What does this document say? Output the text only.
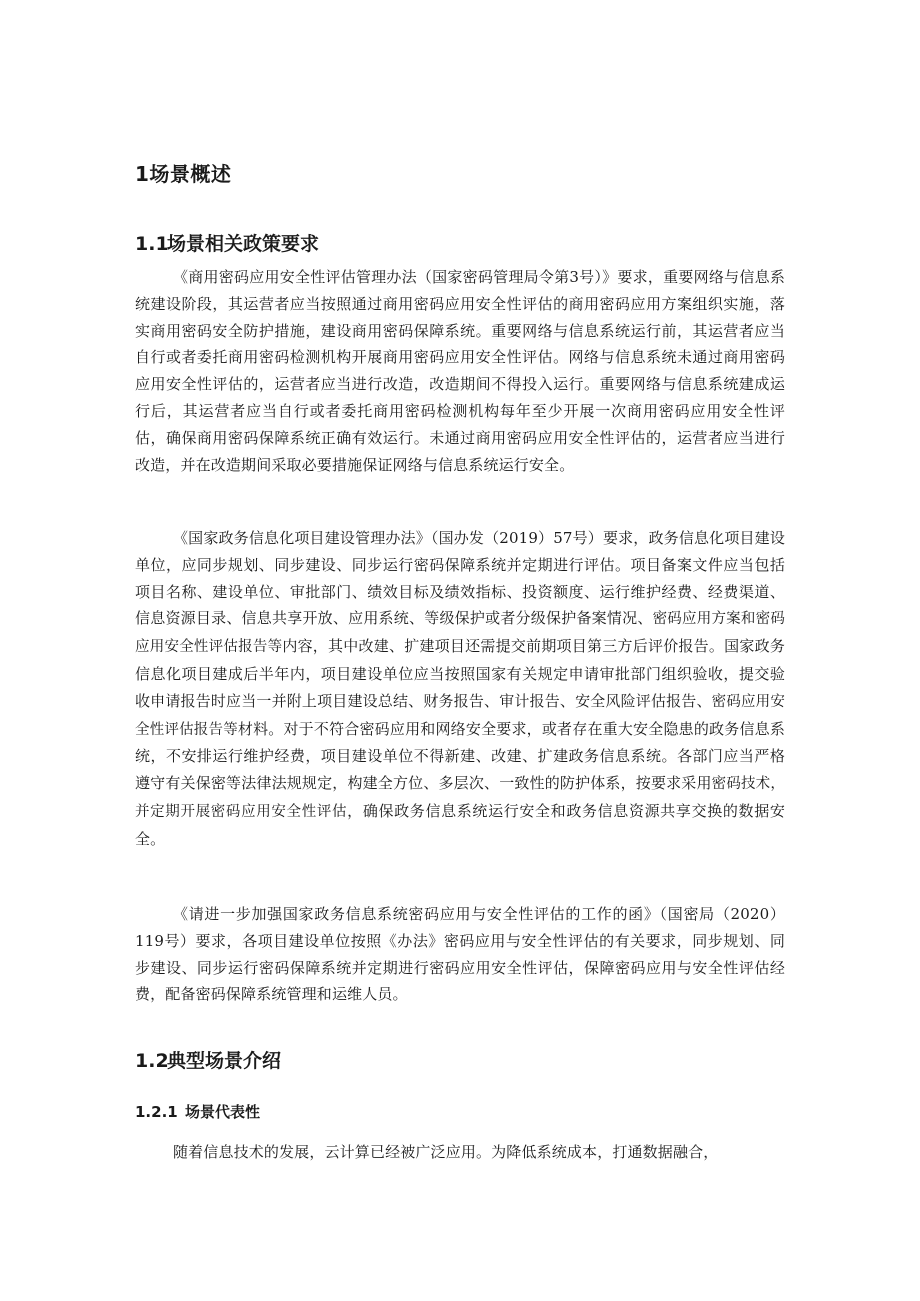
1场景概述
1.1场景相关政策要求

《商用密码应用安全性评估管理办法（国家密码管理局令第3号）》要求，重要网络与信息系统建设阶段，其运营者应当按照通过商用密码应用安全性评估的商用密码应用方案组织实施，落实商用密码安全防护措施，建设商用密码保障系统。重要网络与信息系统运行前，其运营者应当自行或者委托商用密码检测机构开展商用密码应用安全性评估。网络与信息系统未通过商用密码应用安全性评估的，运营者应当进行改造，改造期间不得投入运行。重要网络与信息系统建成运行后，其运营者应当自行或者委托商用密码检测机构每年至少开展一次商用密码应用安全性评估，确保商用密码保障系统正确有效运行。未通过商用密码应用安全性评估的，运营者应当进行改造，并在改造期间采取必要措施保证网络与信息系统运行安全。

《国家政务信息化项目建设管理办法》（国办发（2019）57号）要求，政务信息化项目建设单位，应同步规划、同步建设、同步运行密码保障系统并定期进行评估。项目备案文件应当包括项目名称、建设单位、审批部门、绩效目标及绩效指标、投资额度、运行维护经费、经费渠道、信息资源目录、信息共享开放、应用系统、等级保护或者分级保护备案情况、密码应用方案和密码应用安全性评估报告等内容，其中改建、扩建项目还需提交前期项目第三方后评价报告。国家政务信息化项目建成后半年内，项目建设单位应当按照国家有关规定申请审批部门组织验收，提交验收申请报告时应当一并附上项目建设总结、财务报告、审计报告、安全风险评估报告、密码应用安全性评估报告等材料。对于不符合密码应用和网络安全要求，或者存在重大安全隐患的政务信息系统，不安排运行维护经费，项目建设单位不得新建、改建、扩建政务信息系统。各部门应当严格遵守有关保密等法律法规规定，构建全方位、多层次、一致性的防护体系，按要求采用密码技术，并定期开展密码应用安全性评估，确保政务信息系统运行安全和政务信息资源共享交换的数据安全。

《请进一步加强国家政务信息系统密码应用与安全性评估的工作的函》（国密局（2020）119号）要求，各项目建设单位按照《办法》密码应用与安全性评估的有关要求，同步规划、同步建设、同步运行密码保障系统并定期进行密码应用安全性评估，保障密码应用与安全性评估经费，配备密码保障系统管理和运维人员。

1.2典型场景介绍
1.2.1 场景代表性

随着信息技术的发展，云计算已经被广泛应用。为降低系统成本，打通数据融合，
